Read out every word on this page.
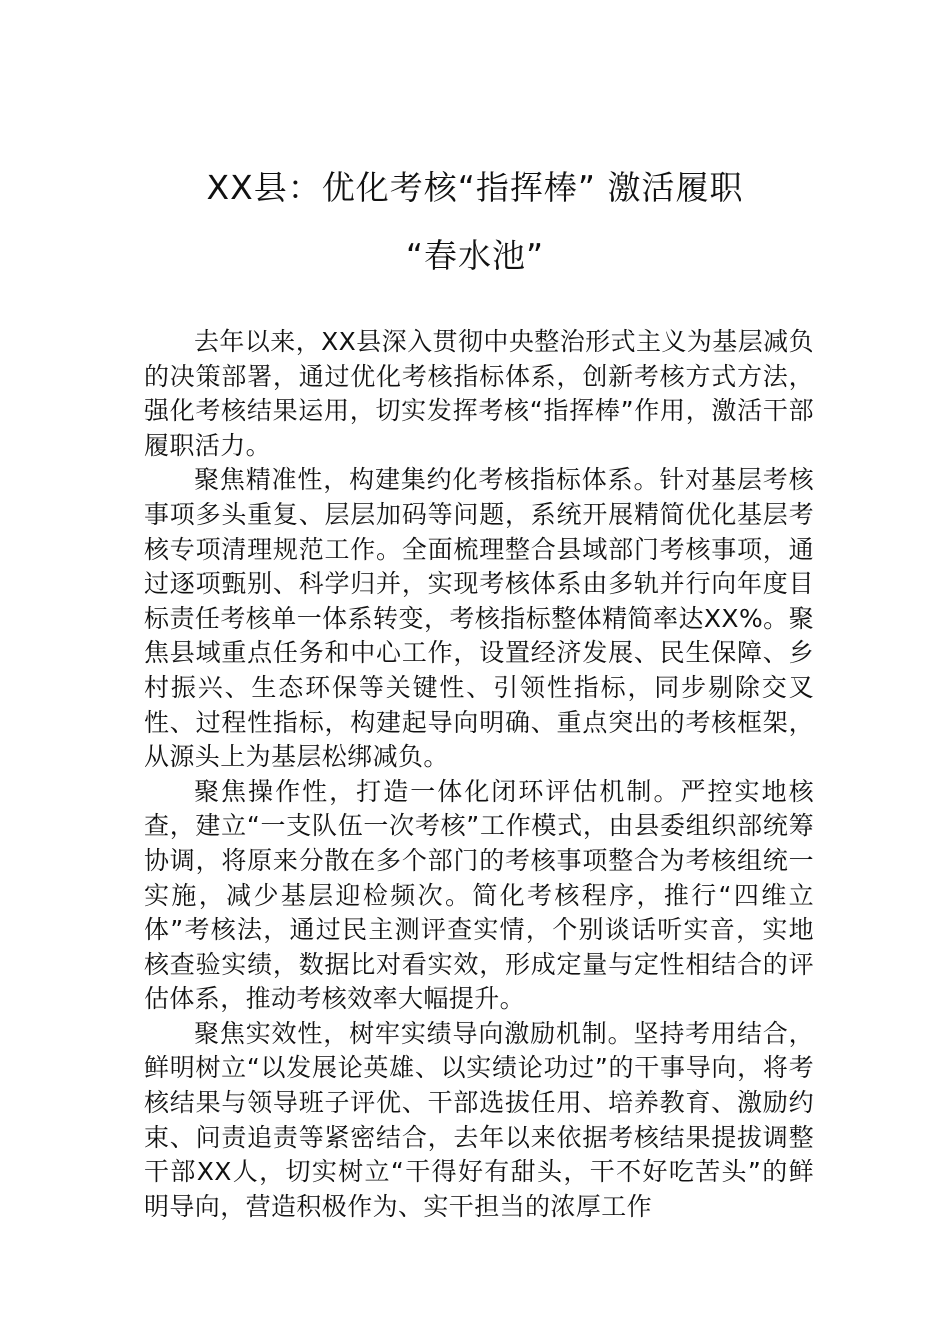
XX县：优化考核“指挥棒” 激活履职
“春水池”

去年以来，XX县深入贯彻中央整治形式主义为基层减负的决策部署，通过优化考核指标体系，创新考核方式方法，强化考核结果运用，切实发挥考核“指挥棒”作用，激活干部履职活力。

聚焦精准性，构建集约化考核指标体系。针对基层考核事项多头重复、层层加码等问题，系统开展精简优化基层考核专项清理规范工作。全面梳理整合县域部门考核事项，通过逐项甄别、科学归并，实现考核体系由多轨并行向年度目标责任考核单一体系转变，考核指标整体精简率达XX%。聚焦县域重点任务和中心工作，设置经济发展、民生保障、乡村振兴、生态环保等关键性、引领性指标，同步剔除交叉性、过程性指标，构建起导向明确、重点突出的考核框架，从源头上为基层松绑减负。

聚焦操作性，打造一体化闭环评估机制。严控实地核查，建立“一支队伍一次考核”工作模式，由县委组织部统筹协调，将原来分散在多个部门的考核事项整合为考核组统一实施，减少基层迎检频次。简化考核程序，推行“四维立体”考核法，通过民主测评查实情，个别谈话听实音，实地核查验实绩，数据比对看实效，形成定量与定性相结合的评估体系，推动考核效率大幅提升。

聚焦实效性，树牢实绩导向激励机制。坚持考用结合，鲜明树立“以发展论英雄、以实绩论功过”的干事导向，将考核结果与领导班子评优、干部选拔任用、培养教育、激励约束、问责追责等紧密结合，去年以来依据考核结果提拔调整干部XX人，切实树立“干得好有甜头，干不好吃苦头”的鲜明导向，营造积极作为、实干担当的浓厚工作
